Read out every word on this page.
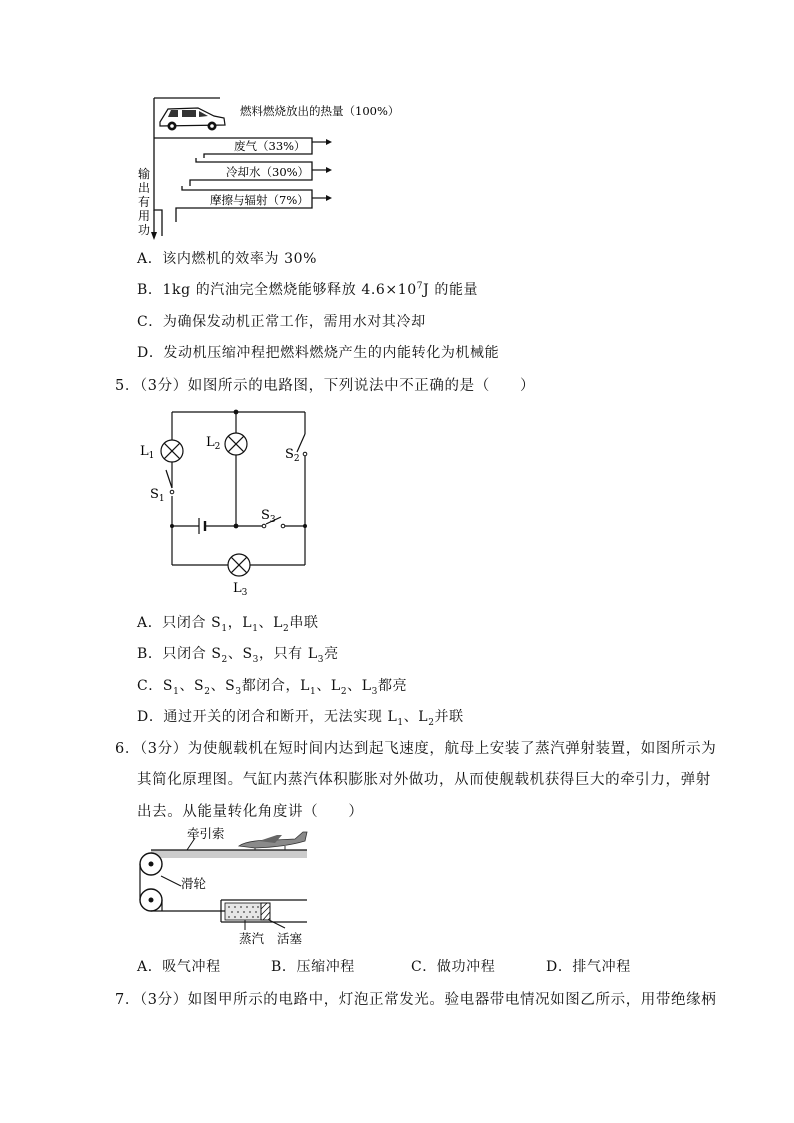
燃料燃烧放出的热量（100%）
废气（33%）
冷却水（30%）
摩擦与辐射（7%）
输
出
有
用
功
A．该内燃机的效率为 30%
B．1kg 的汽油完全燃烧能够释放 $4.6\times 10^7J$ 的能量
C．为确保发动机正常工作，需用水对其冷却
D．发动机压缩冲程把燃料燃烧产生的内能转化为机械能
5．（3分）如图所示的电路图，下列说法中不正确的是（　　）
$L_1$
$L_2$	$S_2$
$S_1$
$S_3$
$L_3$
A．只闭合 $S_1$，$L_1$、$L_2$串联
B．只闭合 $S_2$、$S_3$，只有 $L_3$亮
C．$S_1$、$S_2$、$S_3$都闭合，$L_1$、$L_2$、$L_3$都亮
D．通过开关的闭合和断开，无法实现 $L_1$、$L_2$并联
6．（3分）为使舰载机在短时间内达到起飞速度，航母上安装了蒸汽弹射装置，如图所示为
其简化原理图。气缸内蒸汽体积膨胀对外做功，从而使舰载机获得巨大的牵引力，弹射
出去。从能量转化角度讲（　　）
牵引索
滑轮
蒸汽 活塞
A．吸气冲程	B．压缩冲程	C．做功冲程	D．排气冲程
7．（3分）如图甲所示的电路中，灯泡正常发光。验电器带电情况如图乙所示，用带绝缘柄
